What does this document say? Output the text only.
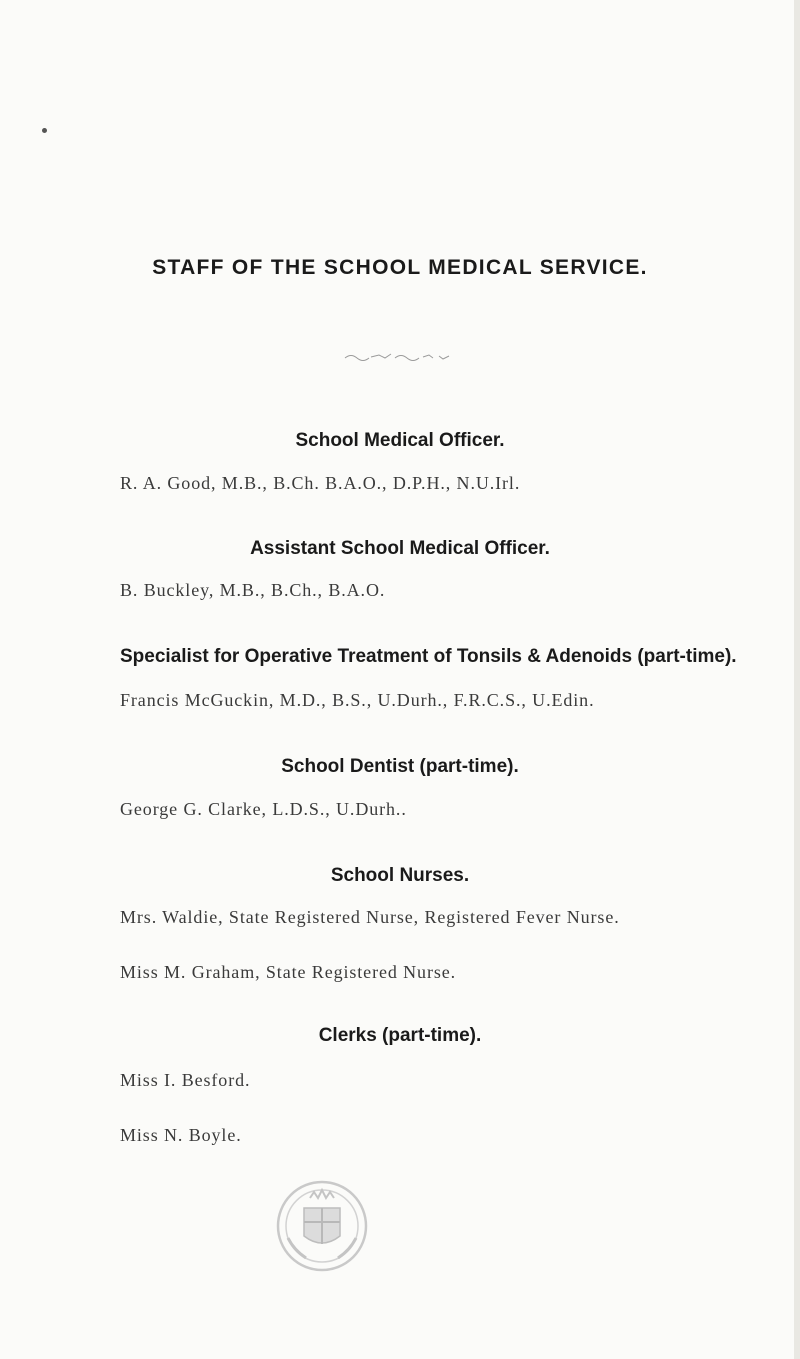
STAFF OF THE SCHOOL MEDICAL SERVICE.
School Medical Officer.
R. A. Good, M.B., B.Ch. B.A.O., D.P.H., N.U.Irl.
Assistant School Medical Officer.
B. Buckley, M.B., B.Ch., B.A.O.
Specialist for Operative Treatment of Tonsils & Adenoids (part-time).
Francis McGuckin, M.D., B.S., U.Durh., F.R.C.S., U.Edin.
School Dentist (part-time).
George G. Clarke, L.D.S., U.Durh..
School Nurses.
Mrs. Waldie, State Registered Nurse, Registered Fever Nurse.
Miss M. Graham, State Registered Nurse.
Clerks (part-time).
Miss I. Besford.
Miss N. Boyle.
